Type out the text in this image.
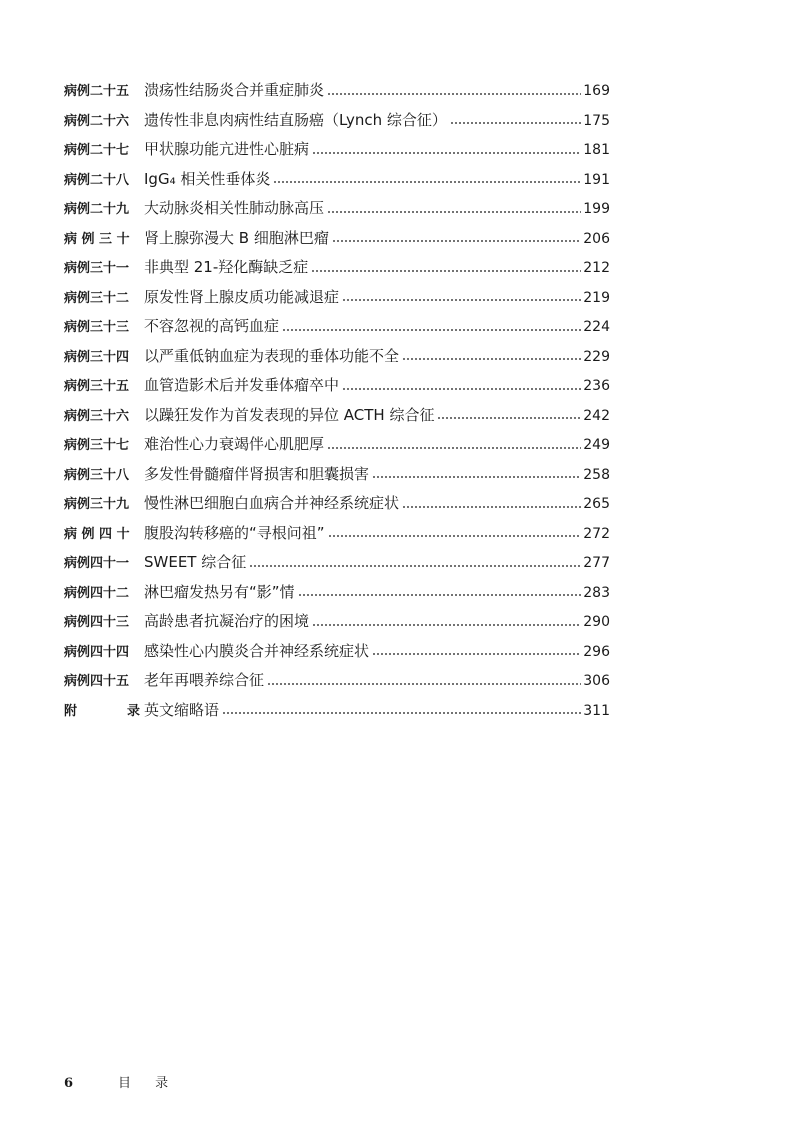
病例二十五 溃疡性结肠炎合并重症肺炎	169
病例二十六 遗传性非息肉病性结直肠癌（Lynch 综合征）	175
病例二十七 甲状腺功能亢进性心脏病	181
病例二十八 IgG₄ 相关性垂体炎	191
病例二十九 大动脉炎相关性肺动脉高压	199
病 例 三 十 肾上腺弥漫大 B 细胞淋巴瘤	206
病例三十一 非典型 21-羟化酶缺乏症	212
病例三十二 原发性肾上腺皮质功能减退症	219
病例三十三 不容忽视的高钙血症	224
病例三十四 以严重低钠血症为表现的垂体功能不全	229
病例三十五 血管造影术后并发垂体瘤卒中	236
病例三十六 以躁狂发作为首发表现的异位 ACTH 综合征	242
病例三十七 难治性心力衰竭伴心肌肥厚	249
病例三十八 多发性骨髓瘤伴肾损害和胆囊损害	258
病例三十九 慢性淋巴细胞白血病合并神经系统症状	265
病 例 四 十 腹股沟转移癌的“寻根问祖”	272
病例四十一 SWEET 综合征	277
病例四十二 淋巴瘤发热另有“影”情	283
病例四十三 高龄患者抗凝治疗的困境	290
病例四十四 感染性心内膜炎合并神经系统症状	296
病例四十五 老年再喂养综合征	306
附 录 英文缩略语	311
6	目 录
